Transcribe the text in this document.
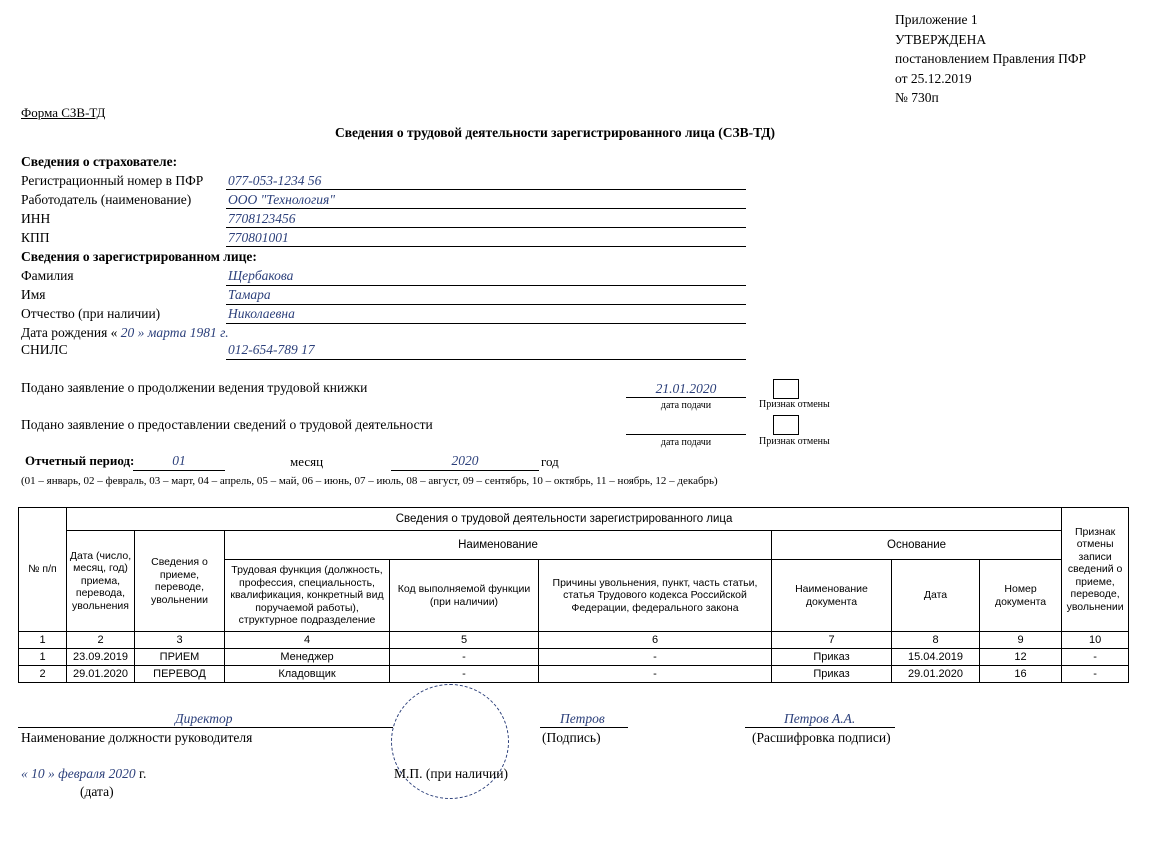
Приложение 1
УТВЕРЖДЕНА
постановлением Правления ПФР
от 25.12.2019
№ 730п
Форма СЗВ-ТД
Сведения о трудовой деятельности зарегистрированного лица (СЗВ-ТД)
Сведения о страхователе:
Регистрационный номер в ПФР 077-053-1234 56
Работодатель (наименование)	ООО "Технология"
ИНН	7708123456
КПП	770801001
Сведения о зарегистрированном лице:
Фамилия	Щербакова
Имя	Тамара
Отчество (при наличии)	Николаевна
Дата рождения « 20 » марта 1981 г.
СНИЛС	012-654-789 17
Подано заявление о продолжении ведения трудовой книжки	21.01.2020
дата подачи	Признак отмены
Подано заявление о предоставлении сведений о трудовой деятельности
дата подачи	Признак отмены
Отчетный период:	01	месяц	2020	год
(01 – январь, 02 – февраль, 03 – март, 04 – апрель, 05 – май, 06 – июнь, 07 – июль, 08 – август, 09 – сентябрь, 10 – октябрь, 11 – ноябрь, 12 – декабрь)
№ п/п	Сведения о трудовой деятельности зарегистрированного лица								Признак отмены записи сведений о приеме, переводе, увольнении
	Дата (число, месяц, год) приема, перевода, увольнения	Сведения о приеме, переводе, увольнении	Наименование			Основание			
			Трудовая функция (должность, профессия, специальность, квалификация, конкретный вид поручаемой работы), структурное подразделение	Код выполняемой функции (при наличии)	Причины увольнения, пункт, часть статьи, статья Трудового кодекса Российской Федерации, федерального закона	Наименование документа	Дата	Номер документа	
1	2	3	4	5	6	7	8	9	10
1	23.09.2019	ПРИЕМ	Менеджер	-	-	Приказ	15.04.2019	12	-
2	29.01.2020	ПЕРЕВОД	Кладовщик	-	-	Приказ	29.01.2020	16	-
Директор
Наименование должности руководителя
Петров
(Подпись)
Петров А.А.
(Расшифровка подписи)
М.П. (при наличии)
« 10 » февраля 2020 г.
(дата)
